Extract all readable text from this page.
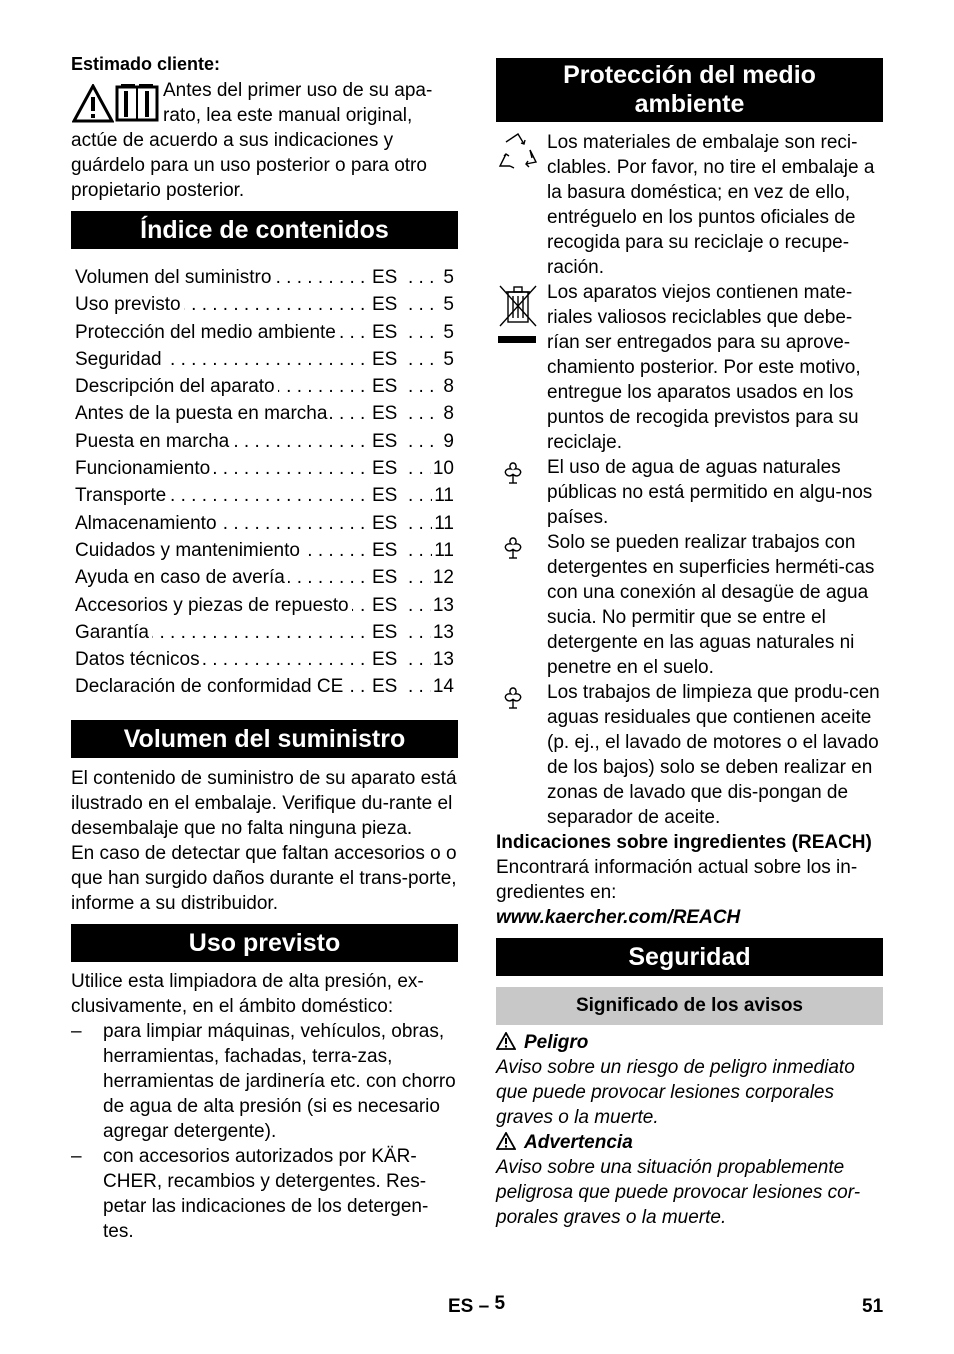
Estimado cliente:

Antes del primer uso de su apa-
rato, lea este manual original,

actúe de acuerdo a sus indicaciones y guárdelo para un uso posterior o para otro propietario posterior.

Índice de contenidos
Volumen del suministro . . .	ES	. . . 5
Uso previsto . . .	ES	. . . 5
Protección del medio ambiente . . .	ES	. . . 5
Seguridad . . .	ES	. . . 5
Descripción del aparato . . .	ES	. . . 8
Antes de la puesta en marcha . . .	ES	. . . 8
Puesta en marcha . . .	ES	. . . 9
Funcionamiento . . .	ES	. . . 10
Transporte . . .	ES	. . . 11
Almacenamiento . . .	ES	. . . 11
Cuidados y mantenimiento . . .	ES	. . . 11
Ayuda en caso de avería . . .	ES	. . . 12
Accesorios y piezas de repuesto . . .	ES	. . . 13
Garantía . . .	ES	. . . 13
Datos técnicos . . .	ES	. . . 13
Declaración de conformidad CE . . .	ES	. . . 14
Volumen del suministro

El contenido de suministro de su aparato está ilustrado en el embalaje. Verifique du-rante el desembalaje que no falta ninguna pieza.

En caso de detectar que faltan accesorios o o que han surgido daños durante el trans-porte, informe a su distribuidor.

Uso previsto

Utilice esta limpiadora de alta presión, ex-clusivamente, en el ámbito doméstico:

– para limpiar máquinas, vehículos, obras, herramientas, fachadas, terra-zas, herramientas de jardinería etc. con chorro de agua de alta presión (si es necesario agregar detergente).
– con accesorios autorizados por KÄR-CHER, recambios y detergentes. Res-petar las indicaciones de los detergen-tes.
Protección del medio ambiente
Los materiales de embalaje son reci-clables. Por favor, no tire el embalaje a la basura doméstica; en vez de ello, entréguelo en los puntos oficiales de recogida para su reciclaje o recupe-ración.
Los aparatos viejos contienen mate-riales valiosos reciclables que debe-rían ser entregados para su aprove-chamiento posterior. Por este motivo, entregue los aparatos usados en los puntos de recogida previstos para su reciclaje.
El uso de agua de aguas naturales públicas no está permitido en algu-nos países.
Solo se pueden realizar trabajos con detergentes en superficies herméti-cas con una conexión al desagüe de agua sucia. No permitir que se entre el detergente en las aguas naturales ni penetre en el suelo.
Los trabajos de limpieza que produ-cen aguas residuales que contienen aceite (p. ej., el lavado de motores o el lavado de los bajos) solo se deben realizar en zonas de lavado que dis-pongan de separador de aceite.

Indicaciones sobre ingredientes (REACH)

Encontrará información actual sobre los in-gredientes en:

www.kaercher.com/REACH

Seguridad
Significado de los avisos

Peligro

Aviso sobre un riesgo de peligro inmediato que puede provocar lesiones corporales graves o la muerte.

Advertencia

Aviso sobre una situación propablemente peligrosa que puede provocar lesiones cor-porales graves o la muerte.

ES – 5	51
